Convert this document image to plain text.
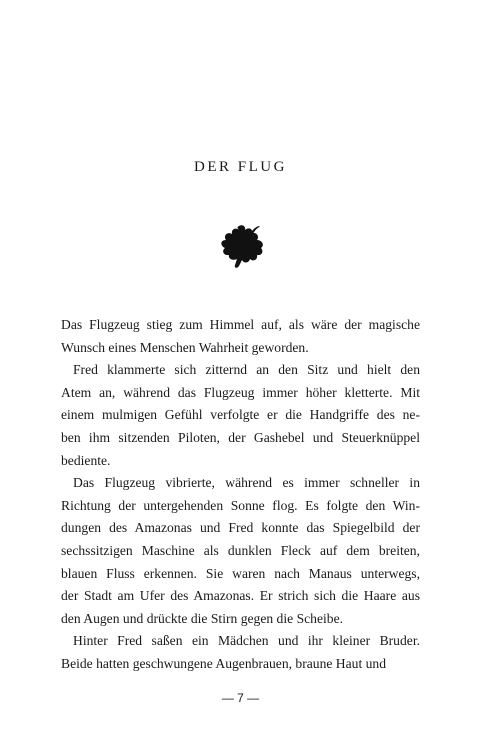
DER FLUG

Das Flugzeug stieg zum Himmel auf, als wäre der magische
Wunsch eines Menschen Wahrheit geworden.

Fred klammerte sich zitternd an den Sitz und hielt den
Atem an, während das Flugzeug immer höher kletterte. Mit
einem mulmigen Gefühl verfolgte er die Handgriffe des ne-
ben ihm sitzenden Piloten, der Gashebel und Steuerknüppel
bediente.

Das Flugzeug vibrierte, während es immer schneller in
Richtung der untergehenden Sonne flog. Es folgte den Win-
dungen des Amazonas und Fred konnte das Spiegelbild der
sechssitzigen Maschine als dunklen Fleck auf dem breiten,
blauen Fluss erkennen. Sie waren nach Manaus unterwegs,
der Stadt am Ufer des Amazonas. Er strich sich die Haare aus
den Augen und drückte die Stirn gegen die Scheibe.

Hinter Fred saßen ein Mädchen und ihr kleiner Bruder.
Beide hatten geschwungene Augenbrauen, braune Haut und

— 7 —
